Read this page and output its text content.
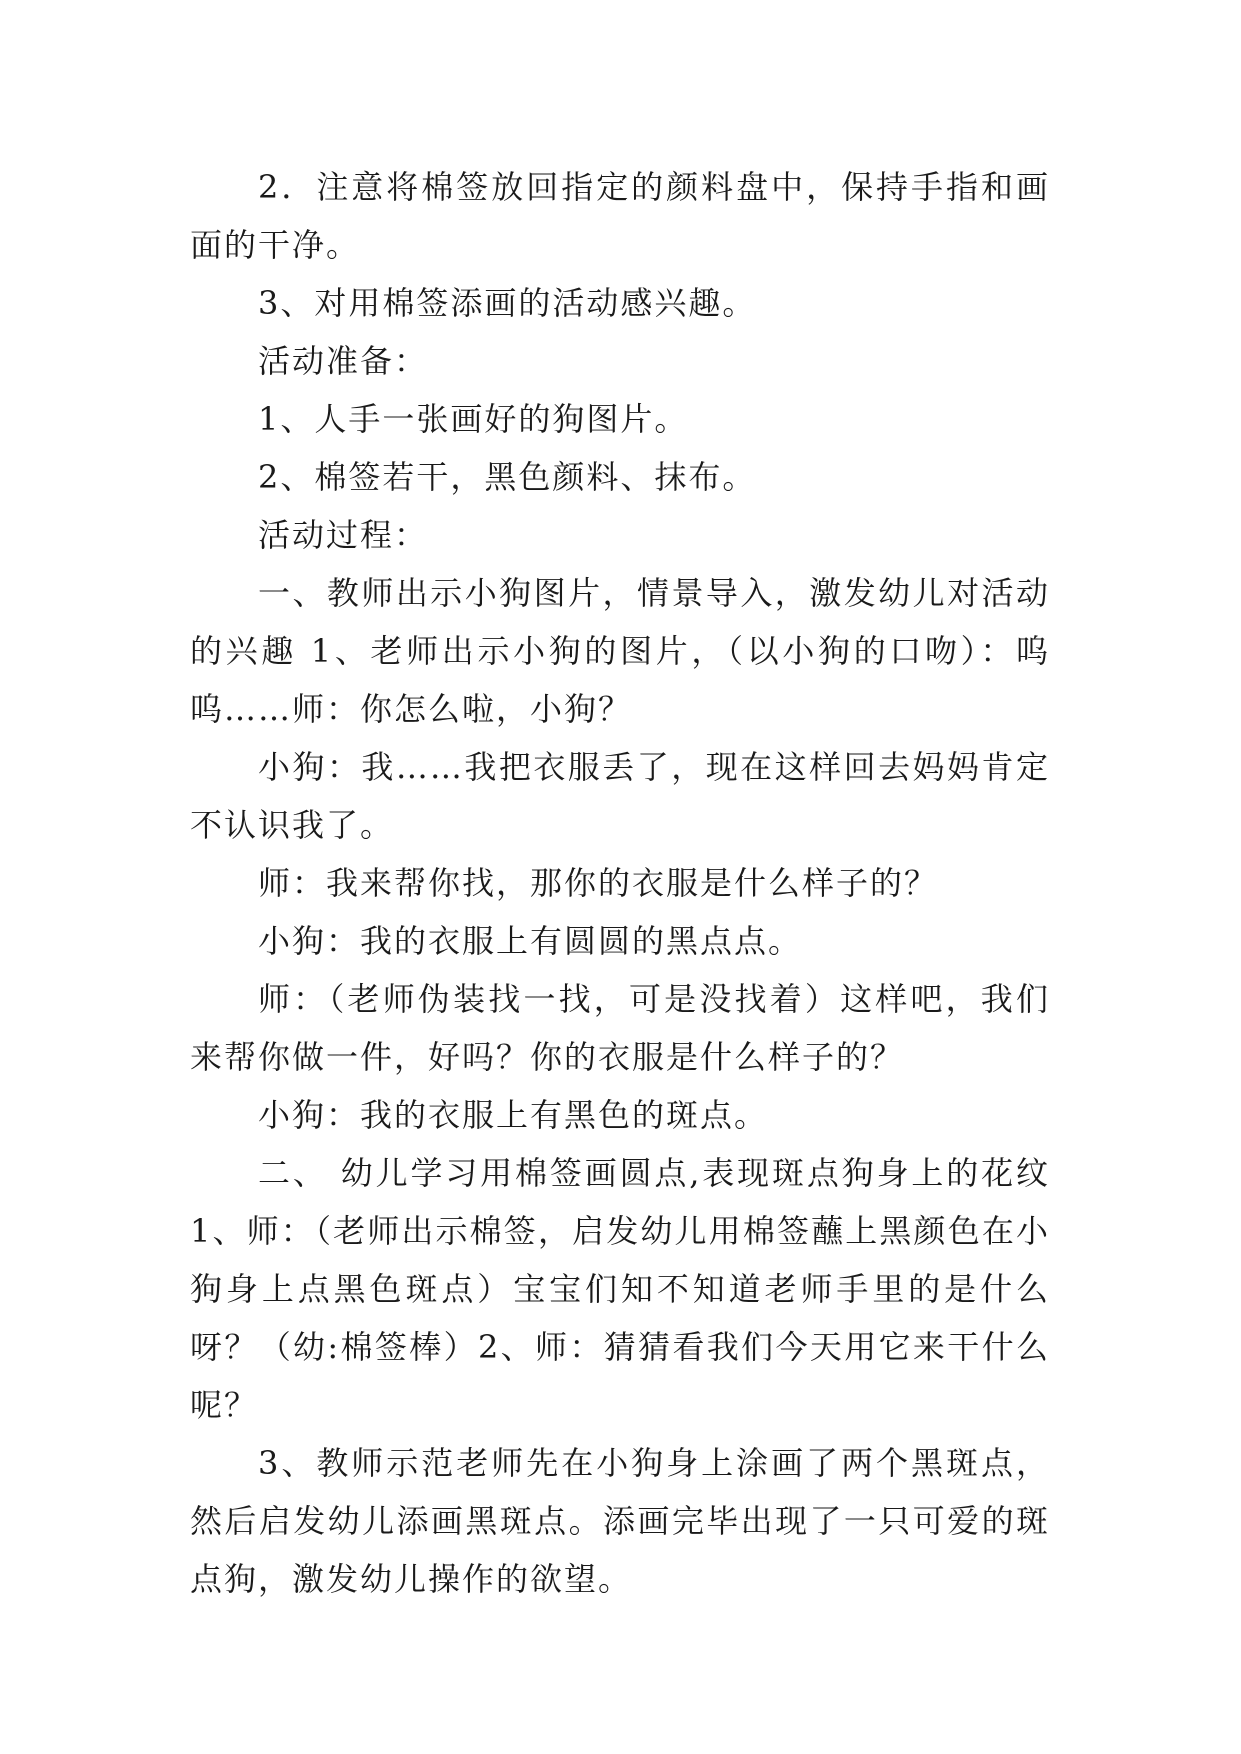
2．注意将棉签放回指定的颜料盘中，保持手指和画面的干净。

3、对用棉签添画的活动感兴趣。

活动准备：

1、人手一张画好的狗图片。

2、棉签若干，黑色颜料、抹布。

活动过程：

一、教师出示小狗图片，情景导入，激发幼儿对活动的兴趣 1、老师出示小狗的图片，（以小狗的口吻）：呜呜……师：你怎么啦，小狗？

小狗：我……我把衣服丢了，现在这样回去妈妈肯定不认识我了。

师：我来帮你找，那你的衣服是什么样子的？

小狗：我的衣服上有圆圆的黑点点。

师：（老师伪装找一找，可是没找着）这样吧，我们来帮你做一件，好吗？你的衣服是什么样子的？

小狗：我的衣服上有黑色的斑点。

二、 幼儿学习用棉签画圆点,表现斑点狗身上的花纹 1、师：（老师出示棉签，启发幼儿用棉签蘸上黑颜色在小狗身上点黑色斑点）宝宝们知不知道老师手里的是什么呀？（幼:棉签棒）2、师：猜猜看我们今天用它来干什么呢？

3、教师示范老师先在小狗身上涂画了两个黑斑点，然后启发幼儿添画黑斑点。添画完毕出现了一只可爱的斑点狗，激发幼儿操作的欲望。
